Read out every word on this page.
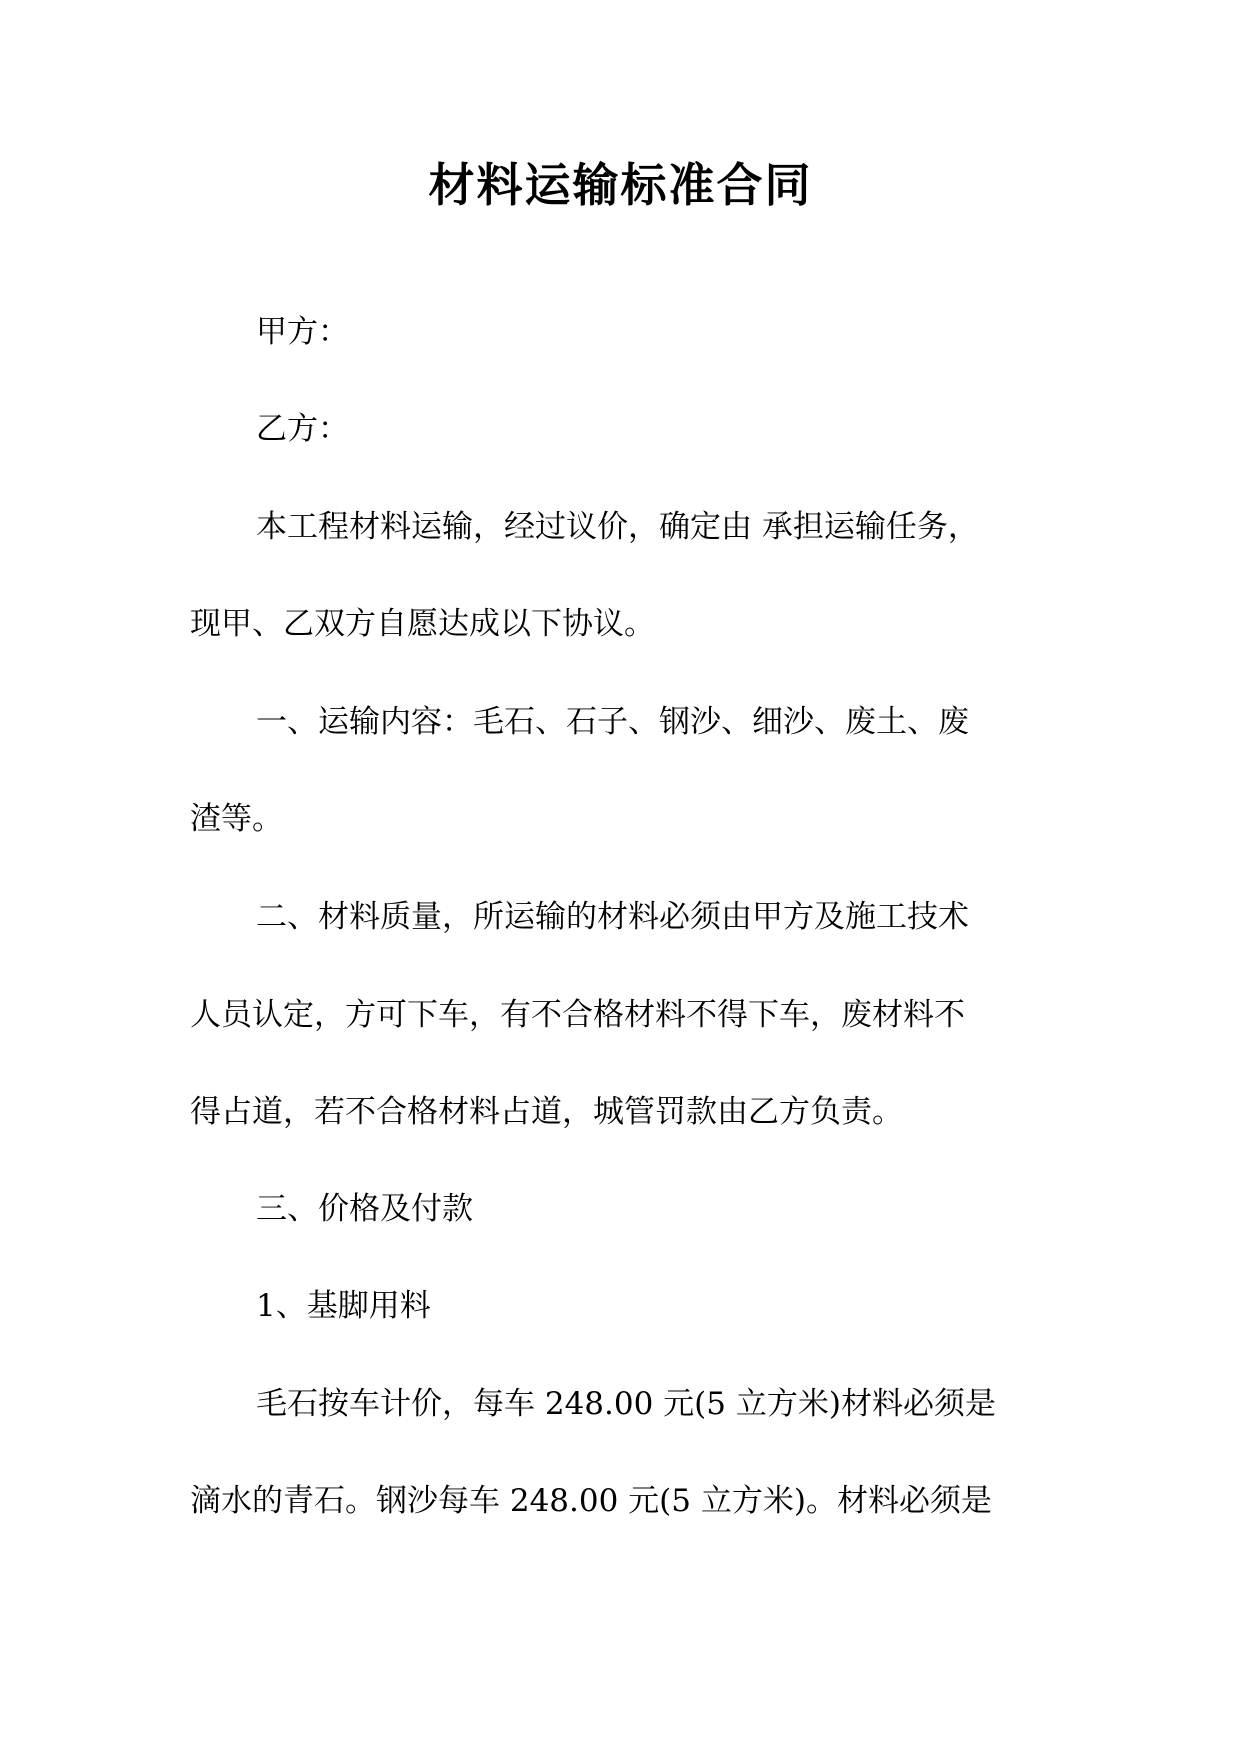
材料运输标准合同
甲方：
乙方：
本工程材料运输，经过议价，确定由 承担运输任务，
现甲、乙双方自愿达成以下协议。
一、运输内容：毛石、石子、钢沙、细沙、废土、废
渣等。
二、材料质量，所运输的材料必须由甲方及施工技术
人员认定，方可下车，有不合格材料不得下车，废材料不
得占道，若不合格材料占道，城管罚款由乙方负责。
三、价格及付款
1、基脚用料
毛石按车计价，每车 248.00 元(5 立方米)材料必须是
滴水的青石。钢沙每车 248.00 元(5 立方米)。材料必须是
